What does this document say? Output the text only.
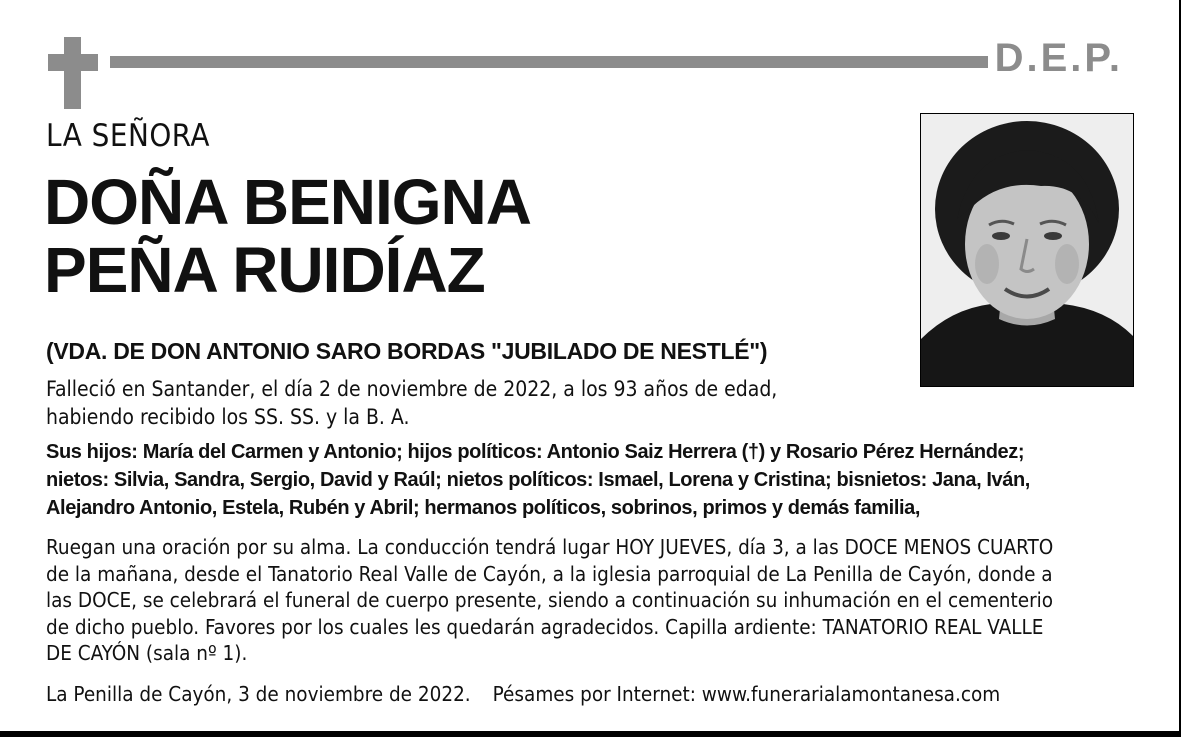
D.E.P.
LA SEÑORA
DOÑA BENIGNA
PEÑA RUIDÍAZ
(VDA. DE DON ANTONIO SARO BORDAS "JUBILADO DE NESTLÉ")
Falleció en Santander, el día 2 de noviembre de 2022, a los 93 años de edad,
habiendo recibido los SS. SS. y la B. A.
Sus hijos: María del Carmen y Antonio; hijos políticos: Antonio Saiz Herrera (†) y Rosario Pérez Hernández;
nietos: Silvia, Sandra, Sergio, David y Raúl; nietos políticos: Ismael, Lorena y Cristina; bisnietos: Jana, Iván,
Alejandro Antonio, Estela, Rubén y Abril; hermanos políticos, sobrinos, primos y demás familia,
Ruegan una oración por su alma. La conducción tendrá lugar HOY JUEVES, día 3, a las DOCE MENOS CUARTO
de la mañana, desde el Tanatorio Real Valle de Cayón, a la iglesia parroquial de La Penilla de Cayón, donde a
las DOCE, se celebrará el funeral de cuerpo presente, siendo a continuación su inhumación en el cementerio
de dicho pueblo. Favores por los cuales les quedarán agradecidos. Capilla ardiente: TANATORIO REAL VALLE
DE CAYÓN (sala nº 1).
La Penilla de Cayón, 3 de noviembre de 2022. Pésames por Internet: www.funerarialamontanesa.com
